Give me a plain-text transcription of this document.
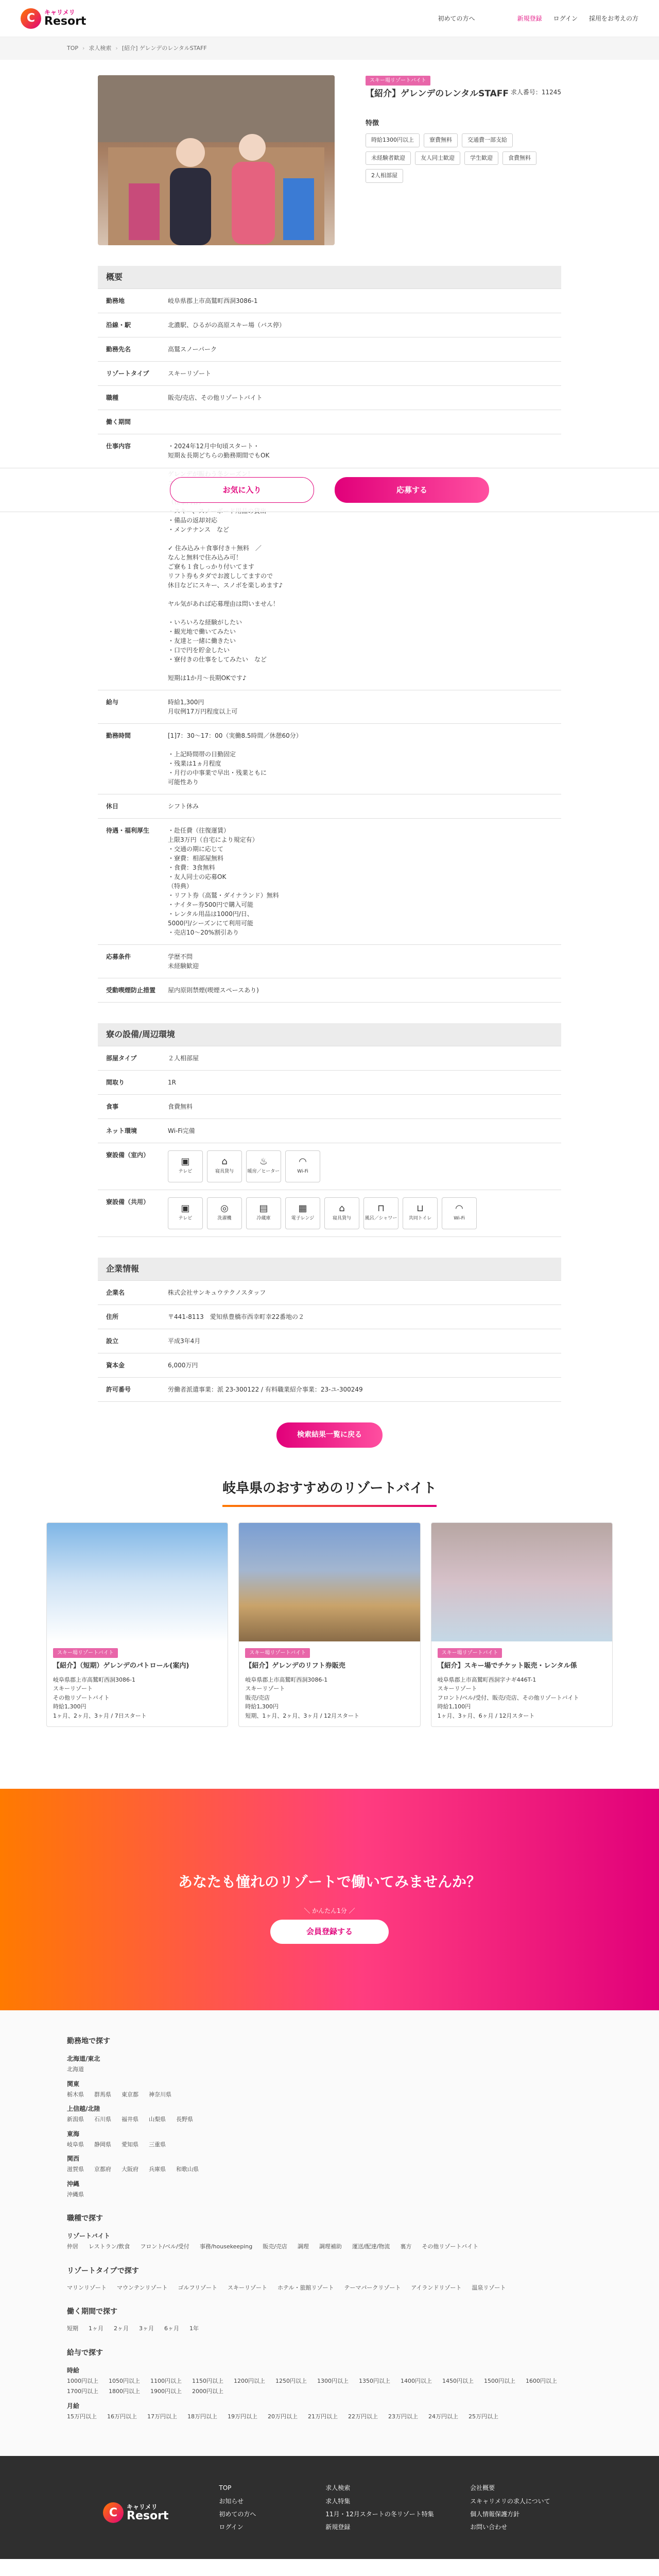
C	キャリメリ
Resort	初めての方へ	新規登録 ログイン 採用をお考えの方
TOP › 求人検索 › [紹介] ゲレンデのレンタルSTAFF
スキー場リゾートバイト
【紹介】ゲレンデのレンタルSTAFF 求人番号：11245
特徴
時給1300円以上	寮費無料	交通費一部支給
未経験者歓迎	友人同士歓迎	学生歓迎	食費無料
2人相部屋
概要
勤務地	岐阜県郡上市高鷲町西洞3086-1
沿線・駅	北濃駅、ひるがの高原スキー場（バス停）
勤務先名	高鷲スノーパーク
リゾートタイプ	スキーリゾート
職種	販売/売店、その他リゾートバイト
働く期間
仕事内容	・2024年12月中旬頃スタート・
短期＆長期どちらの勤務期間でもOK

・備品の返却対応
・メンテナンス　など

✓ 住み込み＋食事付き＋無料　／
なんと無料で住み込み可！
ご寮も１食しっかり付いてます
リフト券もタダでお渡ししてますので
休日などにスキー、スノボを楽しめます♪

ヤル気があれば応募理由は問いません！

・いろいろな経験がしたい
・観光地で働いてみたい
・友達と一緒に働きたい
・口で円を貯金したい
・寮付きの仕事をしてみたい　など

短期は1か月〜長期OKです♪
給与	時給1,300円
月収例17万円程度以上可
勤務時間	[1]7：30〜17：00（実働8.5時間／休憩60分）

・上記時間帯の日勤固定
・残業は1ヵ月程度
・月行の中事業で早出・残業ともに
可能性あり
休日	シフト休み
待遇・福利厚生	・赴任費（往復運賃）
上限3万円（自宅により規定有）
・交通の期に応じて
・寮費：相部屋無料
・食費：3食無料
・友人同士の応募OK
（特典）
・リフト券（高鷲・ダイナランド）無料
・ナイター券500円で購入可能
・レンタル用品は1000円/日、
5000円/シーズンにて利用可能
・売店10〜20%割引あり
応募条件	学歴不問
未経験歓迎
受動喫煙防止措置	屋内原則禁煙(喫煙スペースあり)
寮の設備/周辺環境
部屋タイプ	２人相部屋
間取り	1R
食事	食費無料
ネット環境	Wi-Fi完備
寮設備（室内）
▣
テレビ
⌂
寝具貸与
♨
暖房／ヒーター
◠
Wi-Fi
寮設備（共用）
▣
テレビ
◎
洗濯機
▤
冷蔵庫
▦
電子レンジ
⌂
寝具貸与
⊓
風呂／シャワー
⊔
共同トイレ
◠
Wi-Fi
企業情報
企業名	株式会社サンキュウテクノスタッフ
住所	〒441-8113　愛知県豊橋市西幸町幸22番地の２
設立	平成3年4月
資本金	6,000万円
許可番号	労働者派遣事業：派 23-300122 / 有料職業紹介事業：23-ユ-300249
検索結果一覧に戻る
岐阜県のおすすめのリゾートバイト
スキー場リゾートバイト
【紹介】（短期）ゲレンデのパトロール(案内)
岐阜県郡上市高鷲町西洞3086-1
スキーリゾート
その他リゾートバイト
時給1,300円
1ヶ月、2ヶ月、3ヶ月 / 7日スタート
スキー場リゾートバイト
【紹介】ゲレンデのリフト券販売
岐阜県郡上市高鷲町西洞3086-1
スキーリゾート
販売/売店
時給1,300円
短期、1ヶ月、2ヶ月、3ヶ月 / 12月スタート
スキー場リゾートバイト
【紹介】スキー場でチケット販売・レンタル係
岐阜県郡上市高鷲町西洞字ナギ446T-1
スキーリゾート
フロント/ベル/受付、販売/売店、その他リゾートバイト
時給1,100円
1ヶ月、3ヶ月、6ヶ月 / 12月スタート
あなたも憧れのリゾートで働いてみませんか？
＼ かんたん1分 ／
会員登録する
勤務地で探す
北海道/東北
北海道
関東
栃木県 群馬県 東京都 神奈川県
上信越/北陸
新潟県 石川県 福井県 山梨県 長野県
東海
岐阜県 静岡県 愛知県 三重県
関西
滋賀県 京都府 大阪府 兵庫県 和歌山県
沖縄
沖縄県
職種で探す
リゾートバイト
仲居 レストラン/飲食 フロント/ベル/受付 事務/housekeeping 販売/売店 調理 調理補助 運送/配達/物流 裏方 その他リゾートバイト
リゾートタイプで探す
マリンリゾート マウンテンリゾート ゴルフリゾート スキーリゾート ホテル・旅館リゾート テーマパークリゾート アイランドリゾート 温泉リゾート
働く期間で探す
短期 1ヶ月 2ヶ月 3ヶ月 6ヶ月 1年
給与で探す
時給
1000円以上 1050円以上 1100円以上 1150円以上 1200円以上 1250円以上 1300円以上 1350円以上 1400円以上 1450円以上 1500円以上 1600円以上
1700円以上 1800円以上 1900円以上 2000円以上
月給
15万円以上 16万円以上 17万円以上 18万円以上 19万円以上 20万円以上 21万円以上 22万円以上 23万円以上 24万円以上 25万円以上
C	キャリメリ
Resort
TOP
お知らせ
初めての方へ
ログイン
求人検索
求人特集
11月・12月スタートの冬リゾート特集
新規登録
会社概要
スキャリメリの求人について
個人情報保護方針
お問い合わせ
お気に入り	応募する
